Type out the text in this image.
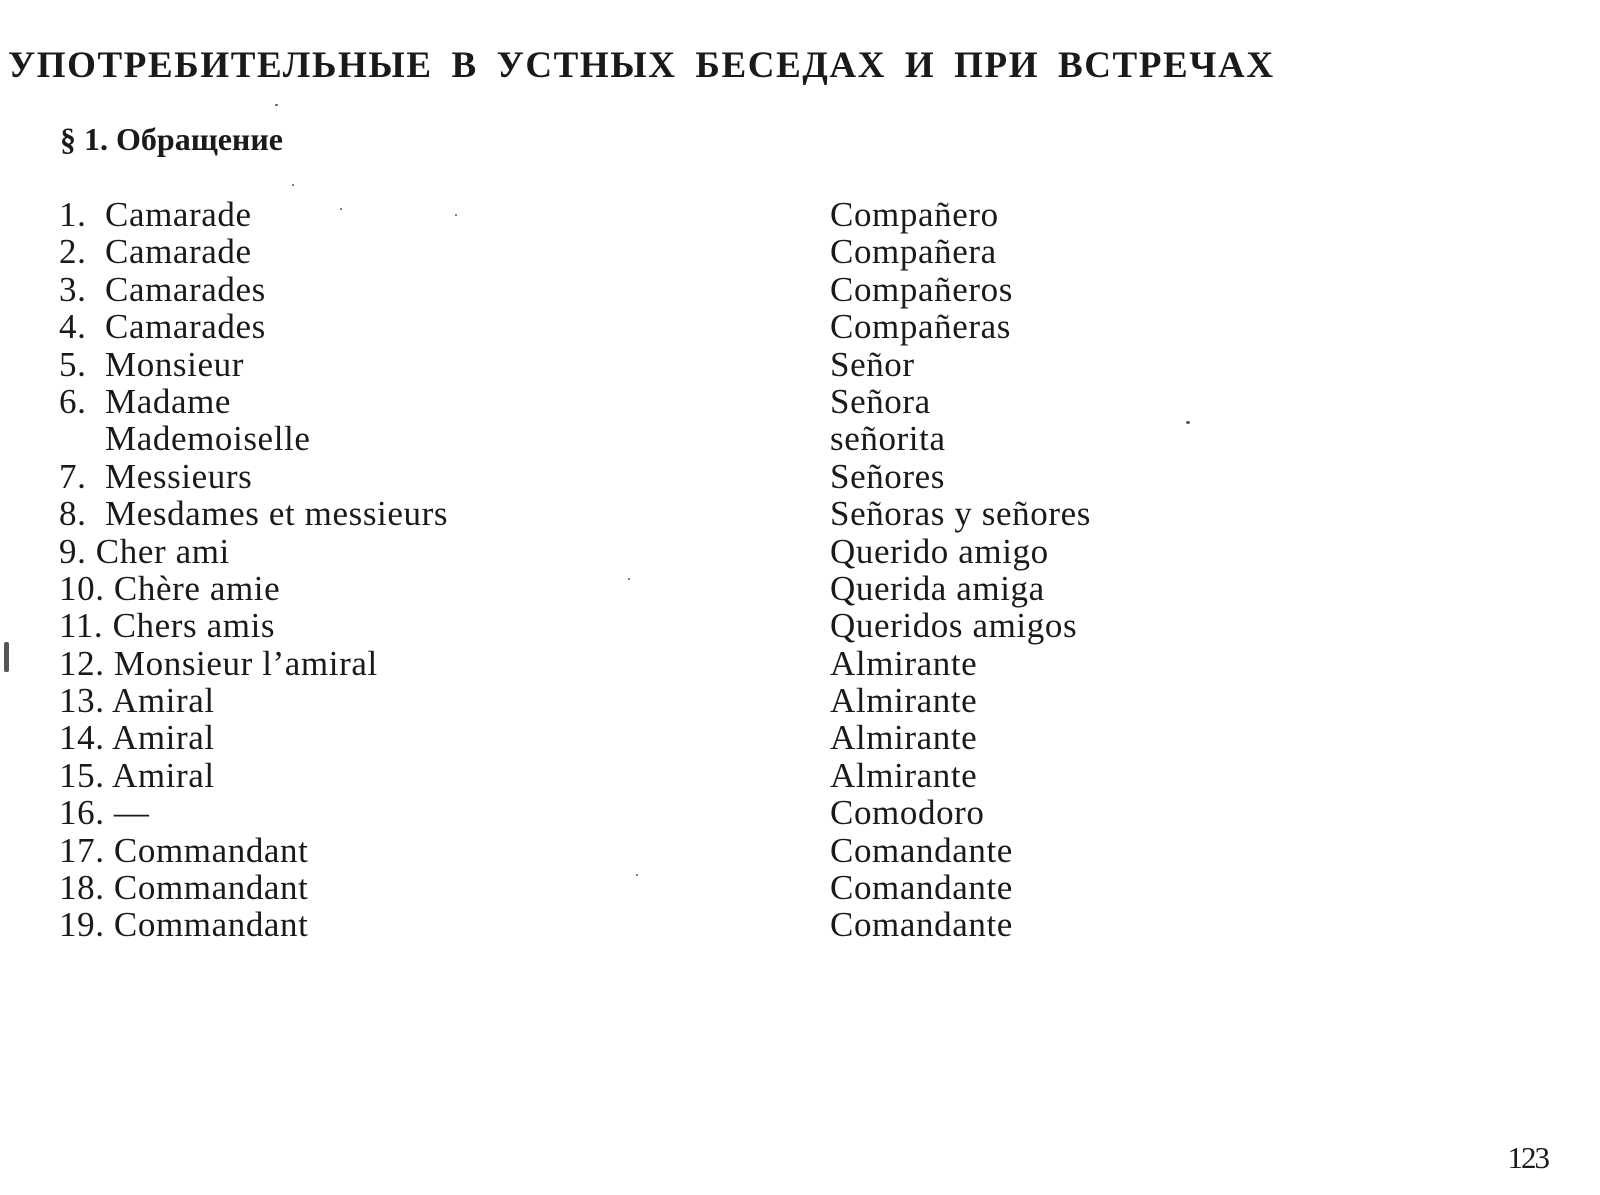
УПОТРЕБИТЕЛЬНЫЕ В УСТНЫХ БЕСЕДАХ И ПРИ ВСТРЕЧАХ
§ 1. Обращение
1. Camarade	Compañero
2. Camarade	Compañera
3. Camarades	Compañeros
4. Camarades	Compañeras
5. Monsieur	Señor
6. Madame	Señora
Mademoiselle	señorita
7. Messieurs	Señores
8. Mesdames et messieurs	Señoras y señores
9. Cher ami	Querido amigo
10. Chère amie	Querida amiga
11. Chers amis	Queridos amigos
12. Monsieur l’amiral	Almirante
13. Amiral	Almirante
14. Amiral	Almirante
15. Amiral	Almirante
16. —	Comodoro
17. Commandant	Comandante
18. Commandant	Comandante
19. Commandant	Comandante
123
